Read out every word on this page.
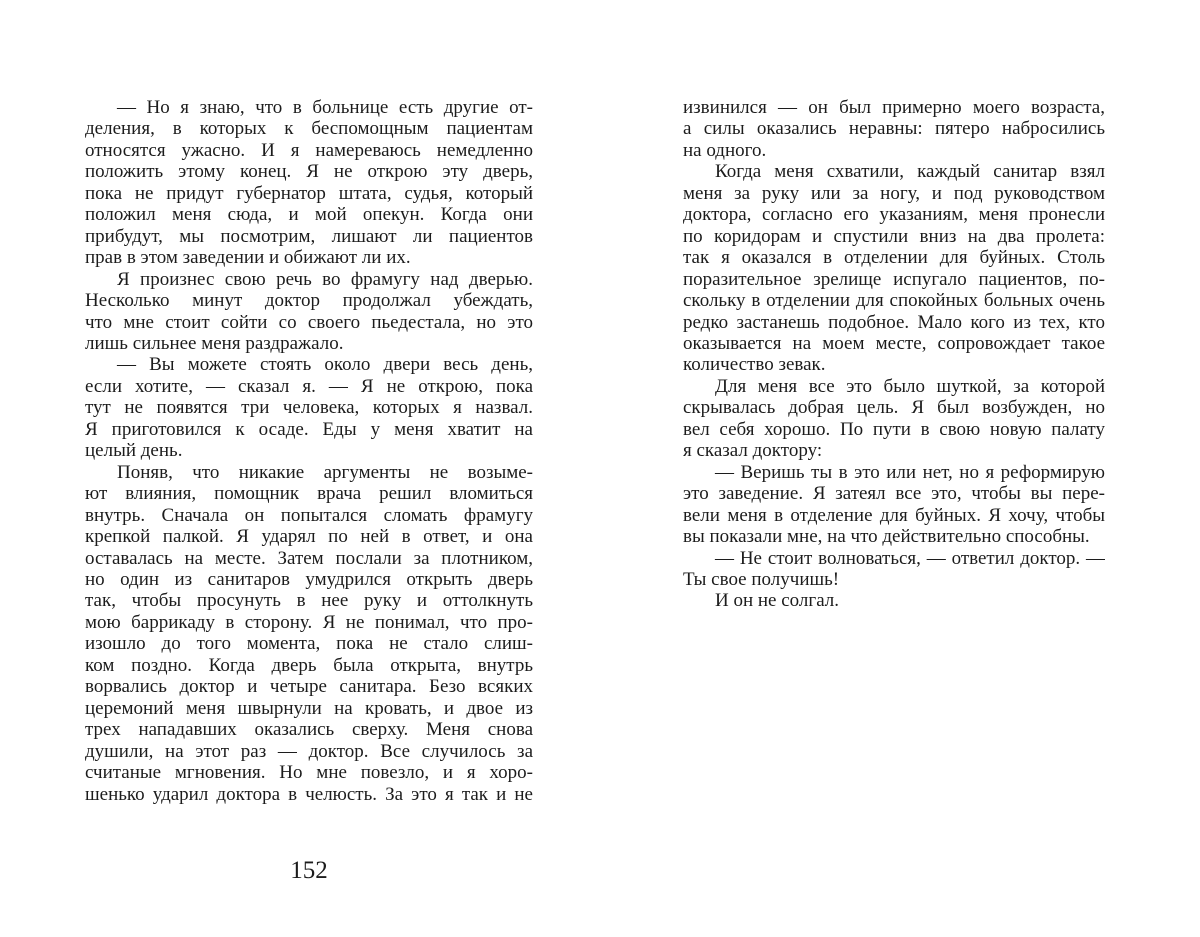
— Но я знаю, что в больнице есть другие от-
деления, в которых к беспомощным пациентам
относятся ужасно. И я намереваюсь немедленно
положить этому конец. Я не открою эту дверь,
пока не придут губернатор штата, судья, который
положил меня сюда, и мой опекун. Когда они
прибудут, мы посмотрим, лишают ли пациентов
прав в этом заведении и обижают ли их.
Я произнес свою речь во фрамугу над дверью.
Несколько минут доктор продолжал убеждать,
что мне стоит сойти со своего пьедестала, но это
лишь сильнее меня раздражало.
— Вы можете стоять около двери весь день,
если хотите, — сказал я. — Я не открою, пока
тут не появятся три человека, которых я назвал.
Я приготовился к осаде. Еды у меня хватит на
целый день.
Поняв, что никакие аргументы не возыме-
ют влияния, помощник врача решил вломиться
внутрь. Сначала он попытался сломать фрамугу
крепкой палкой. Я ударял по ней в ответ, и она
оставалась на месте. Затем послали за плотником,
но один из санитаров умудрился открыть дверь
так, чтобы просунуть в нее руку и оттолкнуть
мою баррикаду в сторону. Я не понимал, что про-
изошло до того момента, пока не стало слиш-
ком поздно. Когда дверь была открыта, внутрь
ворвались доктор и четыре санитара. Безо всяких
церемоний меня швырнули на кровать, и двое из
трех нападавших оказались сверху. Меня снова
душили, на этот раз — доктор. Все случилось за
считаные мгновения. Но мне повезло, и я хоро-
шенько ударил доктора в челюсть. За это я так и не
извинился — он был примерно моего возраста,
а силы оказались неравны: пятеро набросились
на одного.
Когда меня схватили, каждый санитар взял
меня за руку или за ногу, и под руководством
доктора, согласно его указаниям, меня пронесли
по коридорам и спустили вниз на два пролета:
так я оказался в отделении для буйных. Столь
поразительное зрелище испугало пациентов, по-
скольку в отделении для спокойных больных очень
редко застанешь подобное. Мало кого из тех, кто
оказывается на моем месте, сопровождает такое
количество зевак.
Для меня все это было шуткой, за которой
скрывалась добрая цель. Я был возбужден, но
вел себя хорошо. По пути в свою новую палату
я сказал доктору:
— Веришь ты в это или нет, но я реформирую
это заведение. Я затеял все это, чтобы вы пере-
вели меня в отделение для буйных. Я хочу, чтобы
вы показали мне, на что действительно способны.
— Не стоит волноваться, — ответил доктор. —
Ты свое получишь!
И он не солгал.
152
